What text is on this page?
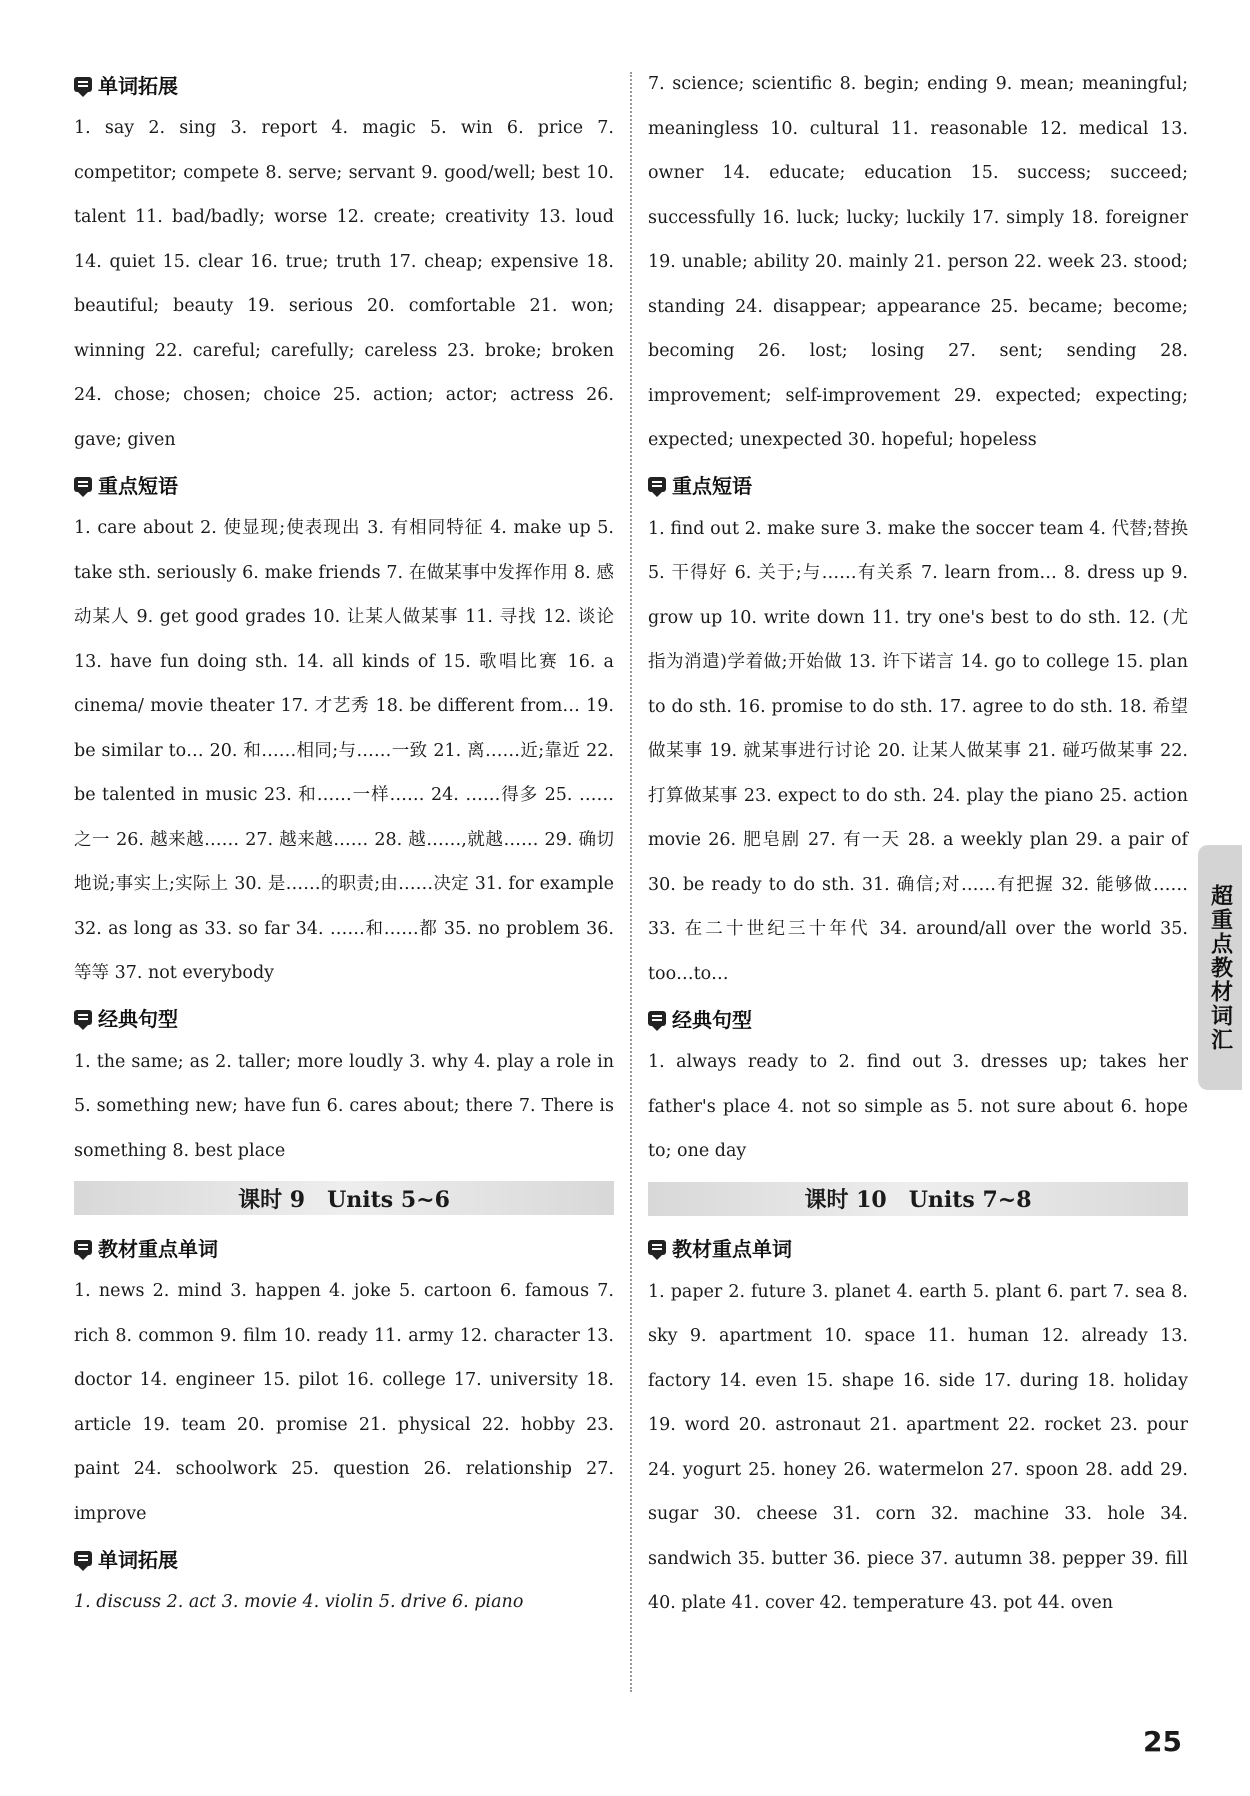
单词拓展

1. say 2. sing 3. report 4. magic 5. win 6. price 7. competitor; compete 8. serve; servant 9. good/well; best 10. talent 11. bad/badly; worse 12. create; creativity 13. loud 14. quiet 15. clear 16. true; truth 17. cheap; expensive 18. beautiful; beauty 19. serious 20. comfortable 21. won; winning 22. careful; carefully; careless 23. broke; broken 24. chose; chosen; choice 25. action; actor; actress 26. gave; given

重点短语

1. care about 2. 使显现;使表现出 3. 有相同特征 4. make up 5. take sth. seriously 6. make friends 7. 在做某事中发挥作用 8. 感动某人 9. get good grades 10. 让某人做某事 11. 寻找 12. 谈论 13. have fun doing sth. 14. all kinds of 15. 歌唱比赛 16. a cinema/ movie theater 17. 才艺秀 18. be different from… 19. be similar to… 20. 和……相同;与……一致 21. 离……近;靠近 22. be talented in music 23. 和……一样…… 24. ……得多 25. ……之一 26. 越来越…… 27. 越来越…… 28. 越……,就越…… 29. 确切地说;事实上;实际上 30. 是……的职责;由……决定 31. for example 32. as long as 33. so far 34. ……和……都 35. no problem 36. 等等 37. not everybody

经典句型

1. the same; as 2. taller; more loudly 3. why 4. play a role in 5. something new; have fun 6. cares about; there 7. There is something 8. best place

课时 9　Units 5~6
教材重点单词

1. news 2. mind 3. happen 4. joke 5. cartoon 6. famous 7. rich 8. common 9. film 10. ready 11. army 12. character 13. doctor 14. engineer 15. pilot 16. college 17. university 18. article 19. team 20. promise 21. physical 22. hobby 23. paint 24. schoolwork 25. question 26. relationship 27. improve

单词拓展

1. discuss 2. act 3. movie 4. violin 5. drive 6. piano

7. science; scientific 8. begin; ending 9. mean; meaningful; meaningless 10. cultural 11. reasonable 12. medical 13. owner 14. educate; education 15. success; succeed; successfully 16. luck; lucky; luckily 17. simply 18. foreigner 19. unable; ability 20. mainly 21. person 22. week 23. stood; standing 24. disappear; appearance 25. became; become; becoming 26. lost; losing 27. sent; sending 28. improvement; self-improvement 29. expected; expecting; expected; unexpected 30. hopeful; hopeless

重点短语

1. find out 2. make sure 3. make the soccer team 4. 代替;替换 5. 干得好 6. 关于;与……有关系 7. learn from… 8. dress up 9. grow up 10. write down 11. try one's best to do sth. 12. (尤指为消遣)学着做;开始做 13. 许下诺言 14. go to college 15. plan to do sth. 16. promise to do sth. 17. agree to do sth. 18. 希望做某事 19. 就某事进行讨论 20. 让某人做某事 21. 碰巧做某事 22. 打算做某事 23. expect to do sth. 24. play the piano 25. action movie 26. 肥皂剧 27. 有一天 28. a weekly plan 29. a pair of 30. be ready to do sth. 31. 确信;对……有把握 32. 能够做…… 33. 在二十世纪三十年代 34. around/all over the world 35. too…to…

经典句型

1. always ready to 2. find out 3. dresses up; takes her father's place 4. not so simple as 5. not sure about 6. hope to; one day

课时 10　Units 7~8
教材重点单词

1. paper 2. future 3. planet 4. earth 5. plant 6. part 7. sea 8. sky 9. apartment 10. space 11. human 12. already 13. factory 14. even 15. shape 16. side 17. during 18. holiday 19. word 20. astronaut 21. apartment 22. rocket 23. pour 24. yogurt 25. honey 26. watermelon 27. spoon 28. add 29. sugar 30. cheese 31. corn 32. machine 33. hole 34. sandwich 35. butter 36. piece 37. autumn 38. pepper 39. fill 40. plate 41. cover 42. temperature 43. pot 44. oven

超重点教材词汇
25
